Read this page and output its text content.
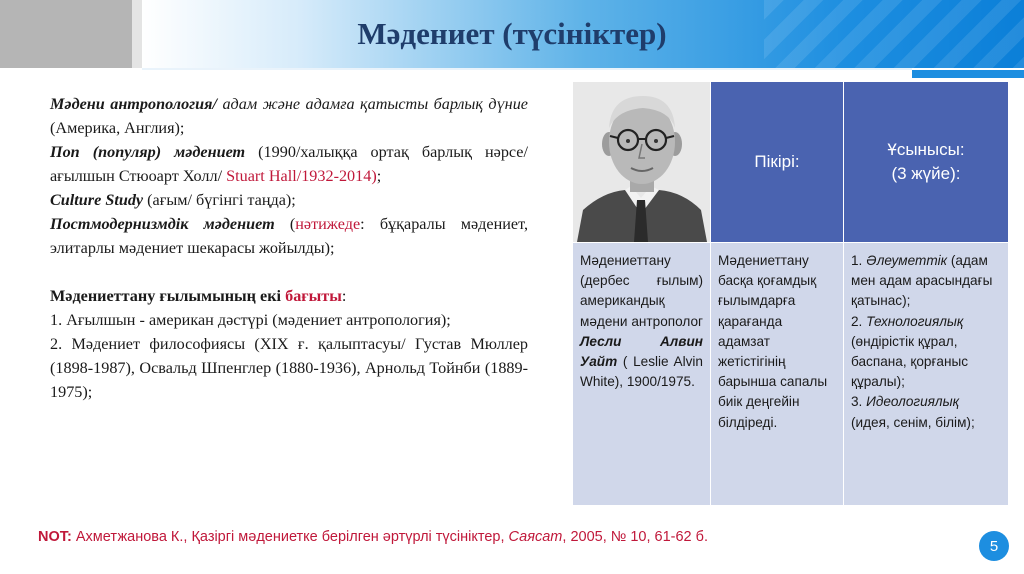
Мәдениет (түсініктер)

Мәдени антропология/ адам және адамға қатысты барлық дүние (Америка, Англия);

Поп (популяр) мәдениет (1990/халыққа ортақ барлық нәрсе/ағылшын Стюоарт Холл/ Stuart Hall/1932-2014);

Culture Study (ағым/ бүгінгі таңда);

Постмодернизмдік мәдениет (нәтижеде: бұқаралы мәдениет, элитарлы мәдениет шекарасы жойылды);

Мәдениеттану ғылымының екі бағыты:

1. Ағылшын - американ дәстүрі (мәдениет антропология);

2. Мәдениет философиясы (XIX ғ. қалыптасуы/ Густав Мюллер (1898-1987), Освальд Шпенглер (1880-1936), Арнольд Тойнби (1889-1975);

Пікірі:
Ұсынысы:
(3 жүйе):
Мәдениеттану (дербес ғылым) американдық мәдени антрополог Лесли Алвин Уайт ( Leslie Alvin White), 1900/1975.
Мәдениеттану басқа қоғамдық ғылымдарға қарағанда адамзат жетістігінің барынша сапалы биік деңгейін білдіреді.
1. Әлеуметтік (адам мен адам арасындағы қатынас);
2. Технологиялық (өндірістік құрал, баспана, қорғаныс құралы);
3. Идеологиялық (идея, сенім, білім);
NOT: Ахметжанова К., Қазіргі мәдениетке берілген әртүрлі түсініктер, Саясат, 2005, № 10, 61-62 б.
5
